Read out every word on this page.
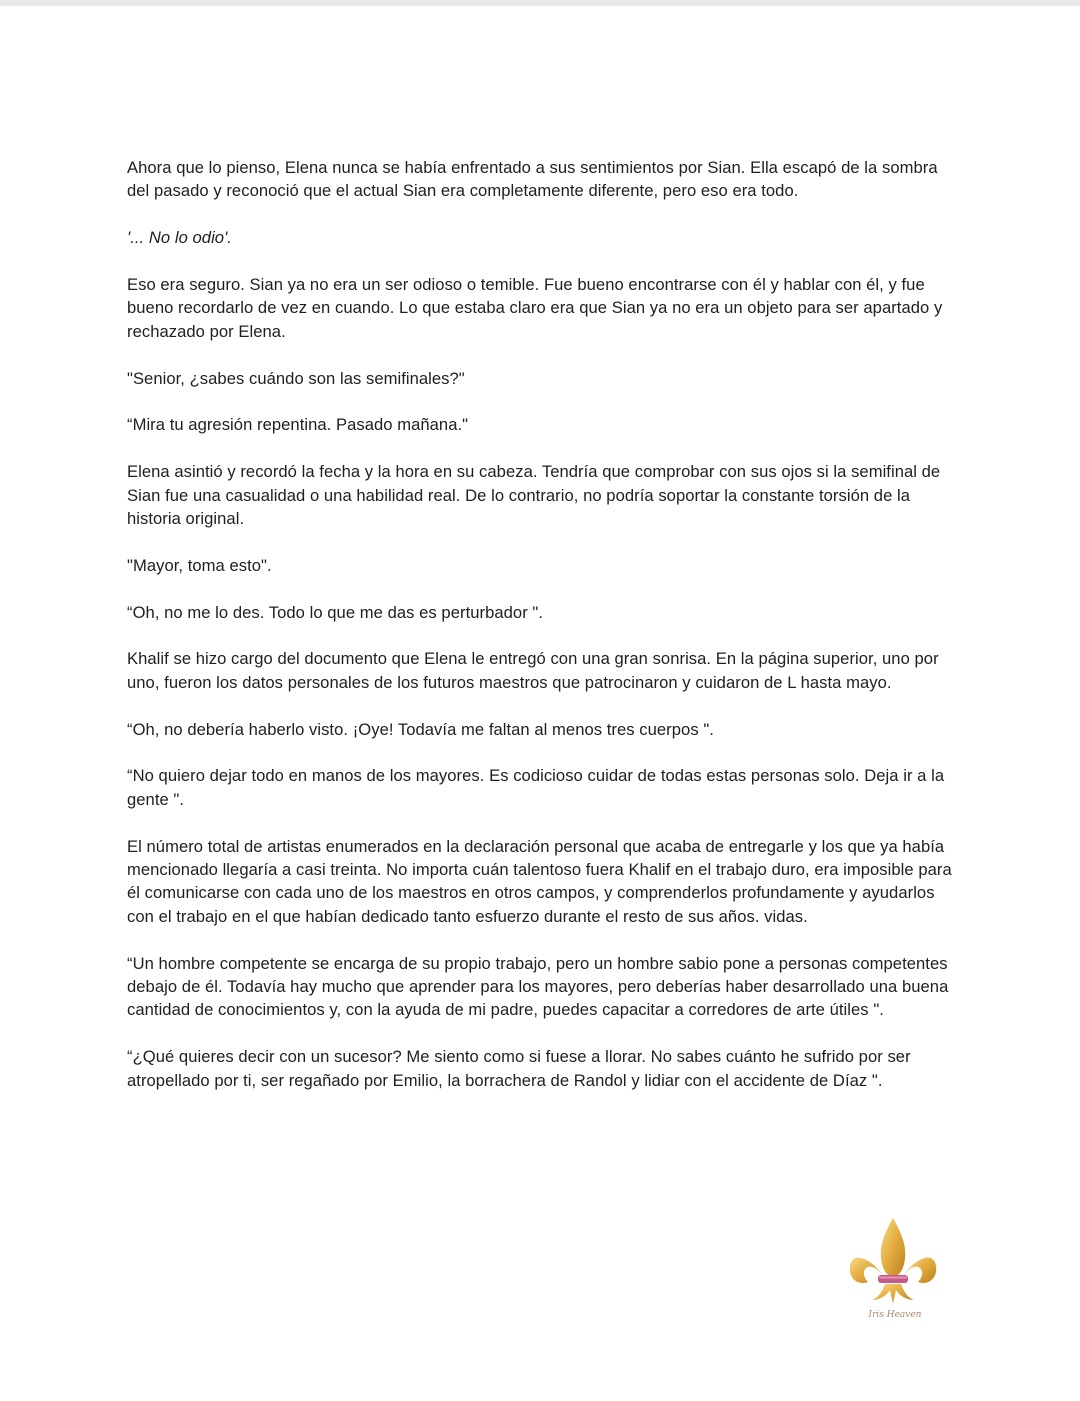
Ahora que lo pienso, Elena nunca se había enfrentado a sus sentimientos por Sian. Ella escapó de la sombra del pasado y reconoció que el actual Sian era completamente diferente, pero eso era todo.

'... No lo odio'.

Eso era seguro. Sian ya no era un ser odioso o temible. Fue bueno encontrarse con él y hablar con él, y fue bueno recordarlo de vez en cuando. Lo que estaba claro era que Sian ya no era un objeto para ser apartado y rechazado por Elena.

"Senior, ¿sabes cuándo son las semifinales?"

“Mira tu agresión repentina. Pasado mañana."

Elena asintió y recordó la fecha y la hora en su cabeza. Tendría que comprobar con sus ojos si la semifinal de Sian fue una casualidad o una habilidad real. De lo contrario, no podría soportar la constante torsión de la historia original.

"Mayor, toma esto".

“Oh, no me lo des. Todo lo que me das es perturbador ".

Khalif se hizo cargo del documento que Elena le entregó con una gran sonrisa. En la página superior, uno por uno, fueron los datos personales de los futuros maestros que patrocinaron y cuidaron de L hasta mayo.

“Oh, no debería haberlo visto. ¡Oye! Todavía me faltan al menos tres cuerpos ".

“No quiero dejar todo en manos de los mayores. Es codicioso cuidar de todas estas personas solo. Deja ir a la gente ".

El número total de artistas enumerados en la declaración personal que acaba de entregarle y los que ya había mencionado llegaría a casi treinta. No importa cuán talentoso fuera Khalif en el trabajo duro, era imposible para él comunicarse con cada uno de los maestros en otros campos, y comprenderlos profundamente y ayudarlos con el trabajo en el que habían dedicado tanto esfuerzo durante el resto de sus años. vidas.

“Un hombre competente se encarga de su propio trabajo, pero un hombre sabio pone a personas competentes debajo de él. Todavía hay mucho que aprender para los mayores, pero deberías haber desarrollado una buena cantidad de conocimientos y, con la ayuda de mi padre, puedes capacitar a corredores de arte útiles ".

“¿Qué quieres decir con un sucesor? Me siento como si fuese a llorar. No sabes cuánto he sufrido por ser atropellado por ti, ser regañado por Emilio, la borrachera de Randol y lidiar con el accidente de Díaz ".

Iris Heaven
